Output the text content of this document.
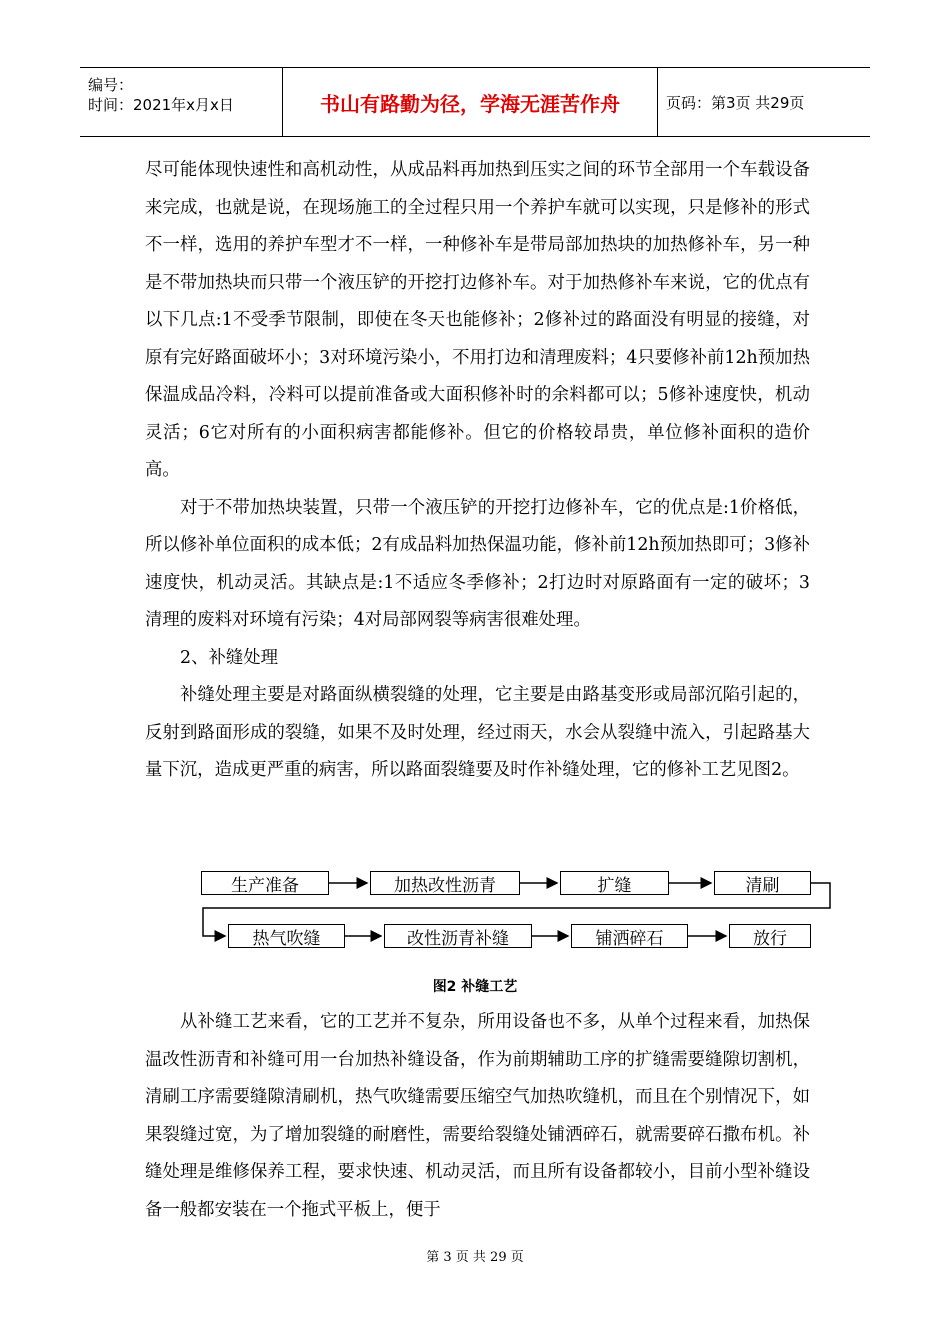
编号：
时间：2021年x月x日	书山有路勤为径，学海无涯苦作舟	页码：第3页 共29页

尽可能体现快速性和高机动性，从成品料再加热到压实之间的环节全部用一个车载设备来完成，也就是说，在现场施工的全过程只用一个养护车就可以实现，只是修补的形式不一样，选用的养护车型才不一样，一种修补车是带局部加热块的加热修补车，另一种是不带加热块而只带一个液压铲的开挖打边修补车。对于加热修补车来说，它的优点有以下几点:1不受季节限制，即使在冬天也能修补；2修补过的路面没有明显的接缝，对原有完好路面破坏小；3对环境污染小，不用打边和清理废料；4只要修补前12h预加热保温成品冷料，冷料可以提前准备或大面积修补时的余料都可以；5修补速度快，机动灵活；6它对所有的小面积病害都能修补。但它的价格较昂贵，单位修补面积的造价高。

对于不带加热块装置，只带一个液压铲的开挖打边修补车，它的优点是:1价格低，所以修补单位面积的成本低；2有成品料加热保温功能，修补前12h预加热即可；3修补速度快，机动灵活。其缺点是:1不适应冬季修补；2打边时对原路面有一定的破坏；3清理的废料对环境有污染；4对局部网裂等病害很难处理。

2、补缝处理

补缝处理主要是对路面纵横裂缝的处理，它主要是由路基变形或局部沉陷引起的，反射到路面形成的裂缝，如果不及时处理，经过雨天，水会从裂缝中流入，引起路基大量下沉，造成更严重的病害，所以路面裂缝要及时作补缝处理，它的修补工艺见图2。

生产准备	加热改性沥青	扩缝	清刷
热气吹缝	改性沥青补缝	铺洒碎石	放行
图2 补缝工艺

从补缝工艺来看，它的工艺并不复杂，所用设备也不多，从单个过程来看，加热保温改性沥青和补缝可用一台加热补缝设备，作为前期辅助工序的扩缝需要缝隙切割机，清刷工序需要缝隙清刷机，热气吹缝需要压缩空气加热吹缝机，而且在个别情况下，如果裂缝过宽，为了增加裂缝的耐磨性，需要给裂缝处铺洒碎石，就需要碎石撒布机。补缝处理是维修保养工程，要求快速、机动灵活，而且所有设备都较小，目前小型补缝设备一般都安装在一个拖式平板上，便于

第 3 页 共 29 页
